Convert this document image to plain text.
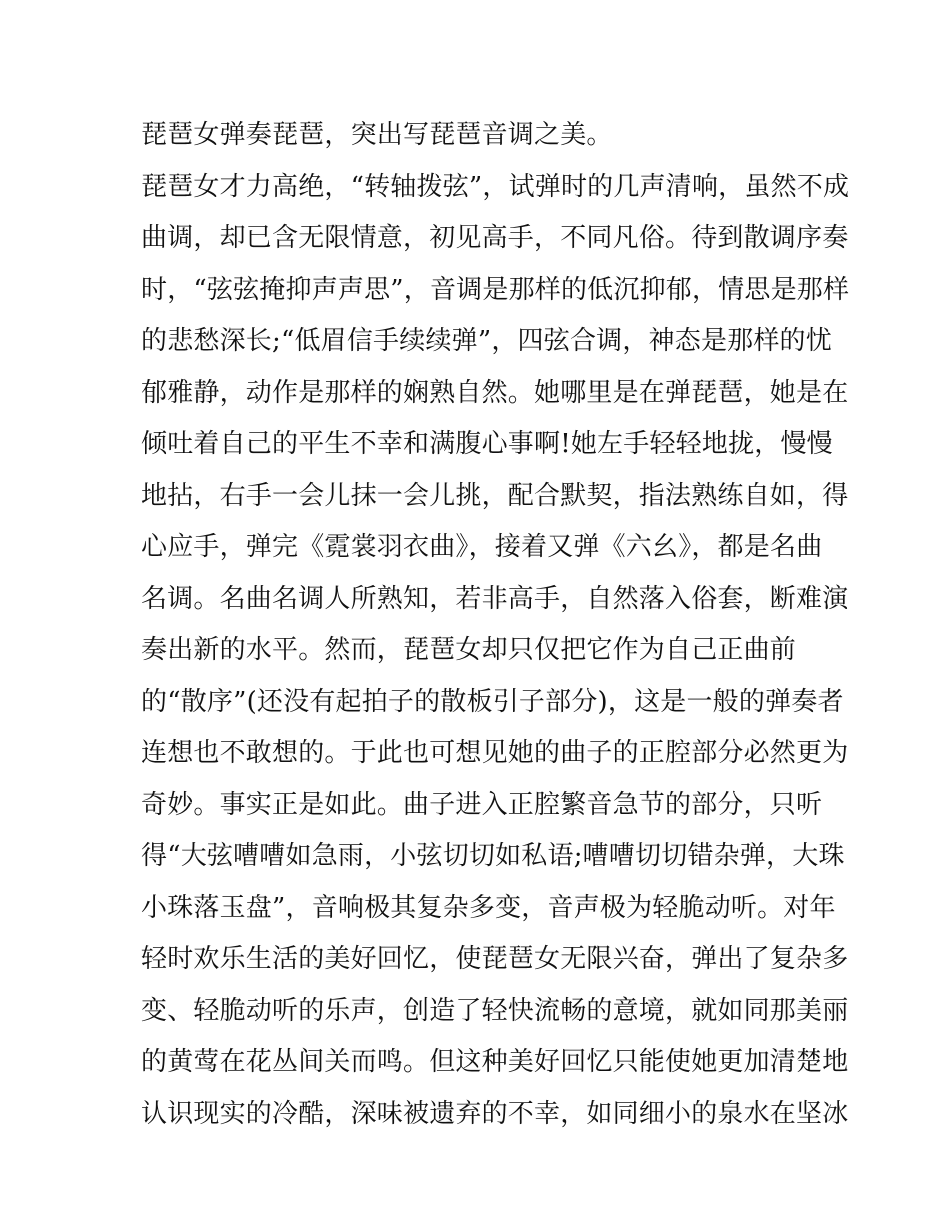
琵琶女弹奏琵琶，突出写琵琶音调之美。
琵琶女才力高绝，“转轴拨弦”，试弹时的几声清响，虽然不成
曲调，却已含无限情意，初见高手，不同凡俗。待到散调序奏
时，“弦弦掩抑声声思”，音调是那样的低沉抑郁，情思是那样
的悲愁深长;“低眉信手续续弹”，四弦合调，神态是那样的忧
郁雅静，动作是那样的娴熟自然。她哪里是在弹琵琶，她是在
倾吐着自己的平生不幸和满腹心事啊!她左手轻轻地拢，慢慢
地拈，右手一会儿抹一会儿挑，配合默契，指法熟练自如，得
心应手，弹完《霓裳羽衣曲》，接着又弹《六幺》，都是名曲
名调。名曲名调人所熟知，若非高手，自然落入俗套，断难演
奏出新的水平。然而，琵琶女却只仅把它作为自己正曲前
的“散序”(还没有起拍子的散板引子部分)，这是一般的弹奏者
连想也不敢想的。于此也可想见她的曲子的正腔部分必然更为
奇妙。事实正是如此。曲子进入正腔繁音急节的部分，只听
得“大弦嘈嘈如急雨，小弦切切如私语;嘈嘈切切错杂弹，大珠
小珠落玉盘”，音响极其复杂多变，音声极为轻脆动听。对年
轻时欢乐生活的美好回忆，使琵琶女无限兴奋，弹出了复杂多
变、轻脆动听的乐声，创造了轻快流畅的意境，就如同那美丽
的黄莺在花丛间关而鸣。但这种美好回忆只能使她更加清楚地
认识现实的冷酷，深味被遗弃的不幸，如同细小的泉水在坚冰
